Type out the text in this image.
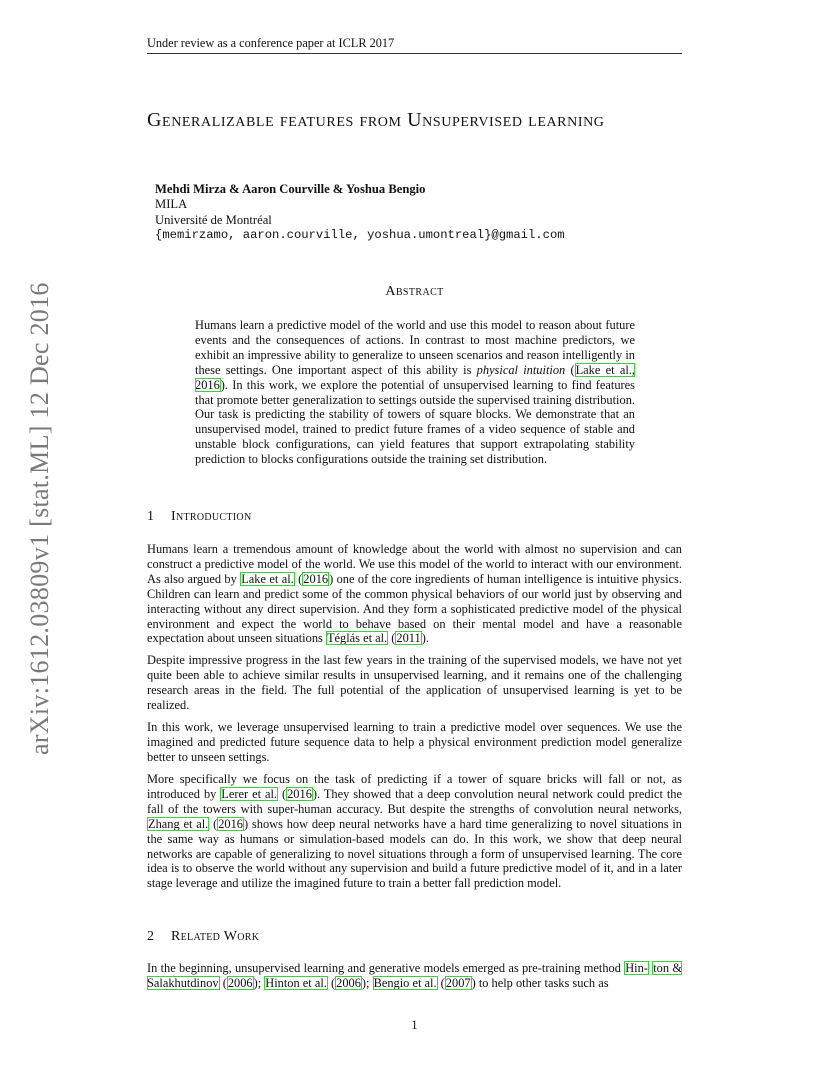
Under review as a conference paper at ICLR 2017
arXiv:1612.03809v1 [stat.ML] 12 Dec 2016
Generalizable features from Unsupervised learning
Mehdi Mirza & Aaron Courville & Yoshua Bengio
MILA
Université de Montréal
{memirzamo, aaron.courville, yoshua.umontreal}@gmail.com
Abstract
Humans learn a predictive model of the world and use this model to reason about future events and the consequences of actions. In contrast to most machine predictors, we exhibit an impressive ability to generalize to unseen scenarios and reason intelligently in these settings. One important aspect of this ability is physical intuition (Lake et al., 2016). In this work, we explore the potential of unsupervised learning to find features that promote better generalization to settings outside the supervised training distribution. Our task is predicting the stability of towers of square blocks. We demonstrate that an unsupervised model, trained to predict future frames of a video sequence of stable and unstable block configurations, can yield features that support extrapolating stability prediction to blocks configurations outside the training set distribution.
1 Introduction

Humans learn a tremendous amount of knowledge about the world with almost no supervision and can construct a predictive model of the world. We use this model of the world to interact with our environment. As also argued by Lake et al. (2016) one of the core ingredients of human intelligence is intuitive physics. Children can learn and predict some of the common physical behaviors of our world just by observing and interacting without any direct supervision. And they form a sophisticated predictive model of the physical environment and expect the world to behave based on their mental model and have a reasonable expectation about unseen situations Téglás et al. (2011).

Despite impressive progress in the last few years in the training of the supervised models, we have not yet quite been able to achieve similar results in unsupervised learning, and it remains one of the challenging research areas in the field. The full potential of the application of unsupervised learning is yet to be realized.

In this work, we leverage unsupervised learning to train a predictive model over sequences. We use the imagined and predicted future sequence data to help a physical environment prediction model generalize better to unseen settings.

More specifically we focus on the task of predicting if a tower of square bricks will fall or not, as introduced by Lerer et al. (2016). They showed that a deep convolution neural network could predict the fall of the towers with super-human accuracy. But despite the strengths of convolution neural networks, Zhang et al. (2016) shows how deep neural networks have a hard time generalizing to novel situations in the same way as humans or simulation-based models can do. In this work, we show that deep neural networks are capable of generalizing to novel situations through a form of unsupervised learning. The core idea is to observe the world without any supervision and build a future predictive model of it, and in a later stage leverage and utilize the imagined future to train a better fall prediction model.

2 Related Work

In the beginning, unsupervised learning and generative models emerged as pre-training method Hin- ton & Salakhutdinov (2006); Hinton et al. (2006); Bengio et al. (2007) to help other tasks such as

1
